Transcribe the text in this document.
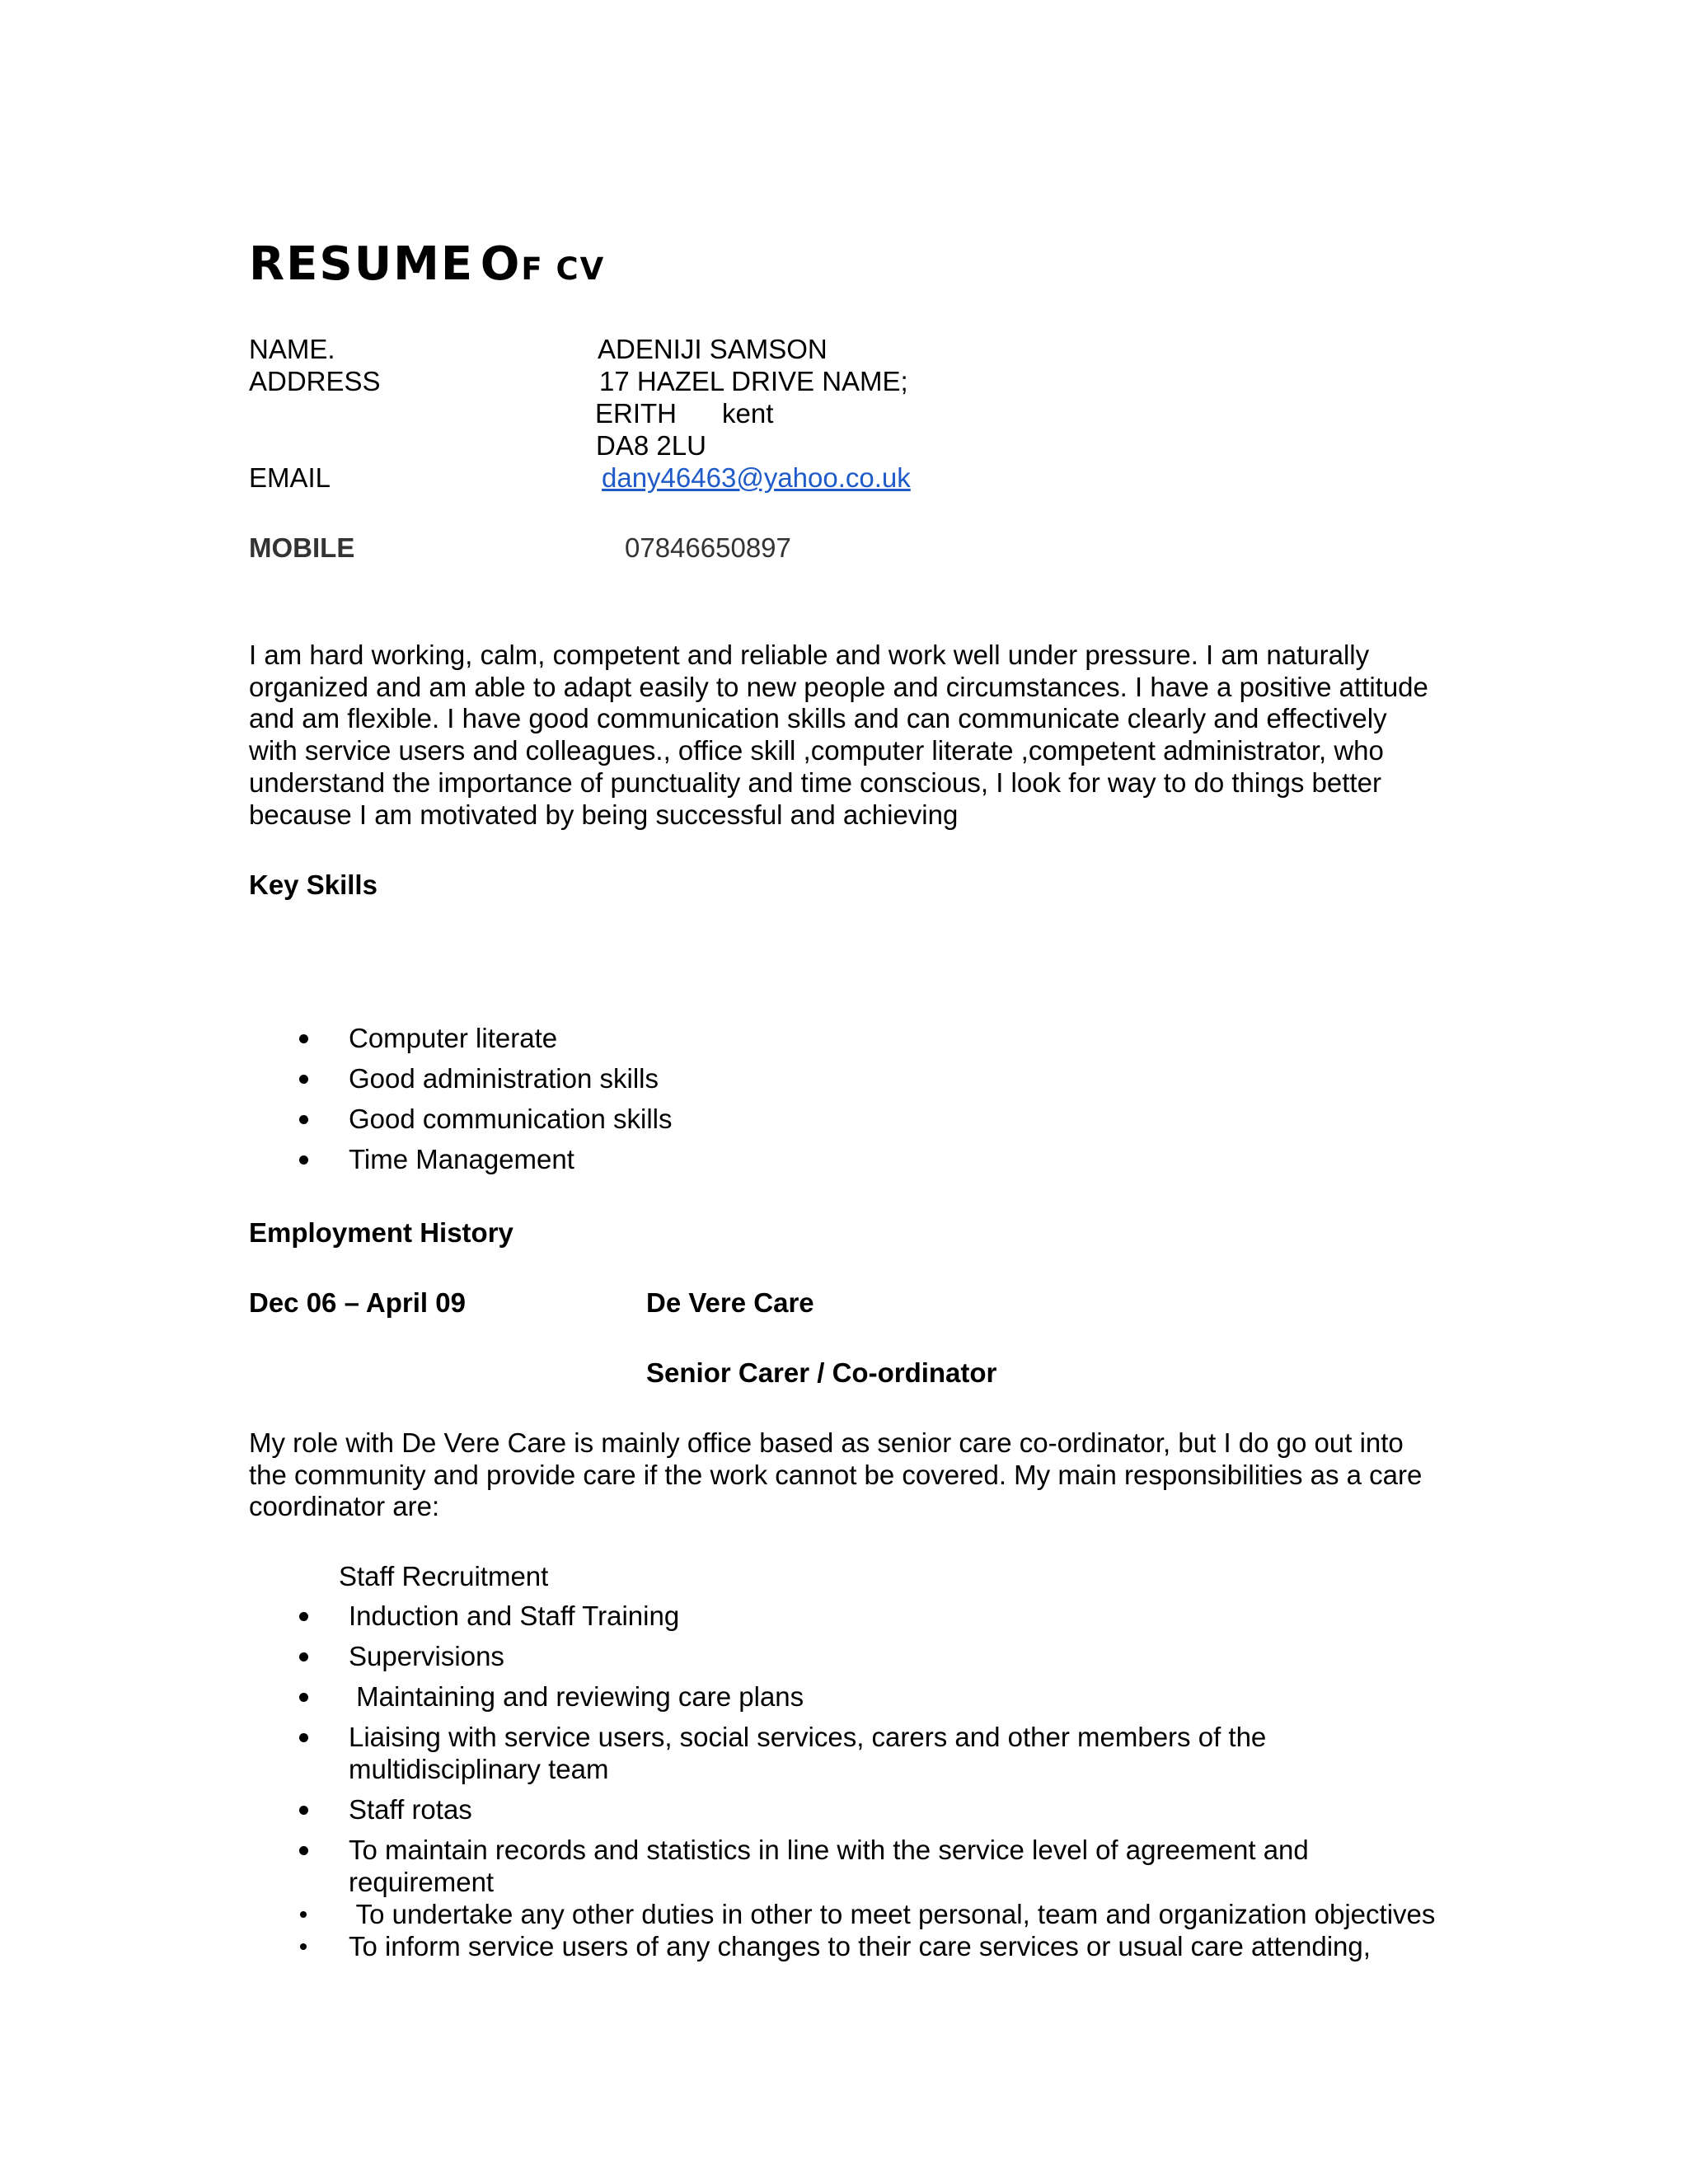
RESUME OF CV
NAME.	ADENIJI SAMSON
ADDRESS	17 HAZEL DRIVE NAME;
ERITH kent
DA8 2LU
EMAIL	dany46463@yahoo.co.uk
MOBILE	07846650897
I am hard working, calm, competent and reliable and work well under pressure. I am naturally
organized and am able to adapt easily to new people and circumstances. I have a positive attitude
and am flexible. I have good communication skills and can communicate clearly and effectively
with service users and colleagues., office skill ,computer literate ,competent administrator, who
understand the importance of punctuality and time conscious, I look for way to do things better
because I am motivated by being successful and achieving
Key Skills
Computer literate
Good administration skills
Good communication skills
Time Management
Employment History
Dec 06 – April 09	De Vere Care
Senior Carer / Co-ordinator
My role with De Vere Care is mainly office based as senior care co-ordinator, but I do go out into
the community and provide care if the work cannot be covered. My main responsibilities as a care
coordinator are:
Staff Recruitment
Induction and Staff Training
Supervisions
Maintaining and reviewing care plans
Liaising with service users, social services, carers and other members of the
multidisciplinary team
Staff rotas
To maintain records and statistics in line with the service level of agreement and
requirement
To undertake any other duties in other to meet personal, team and organization objectives
To inform service users of any changes to their care services or usual care attending,
